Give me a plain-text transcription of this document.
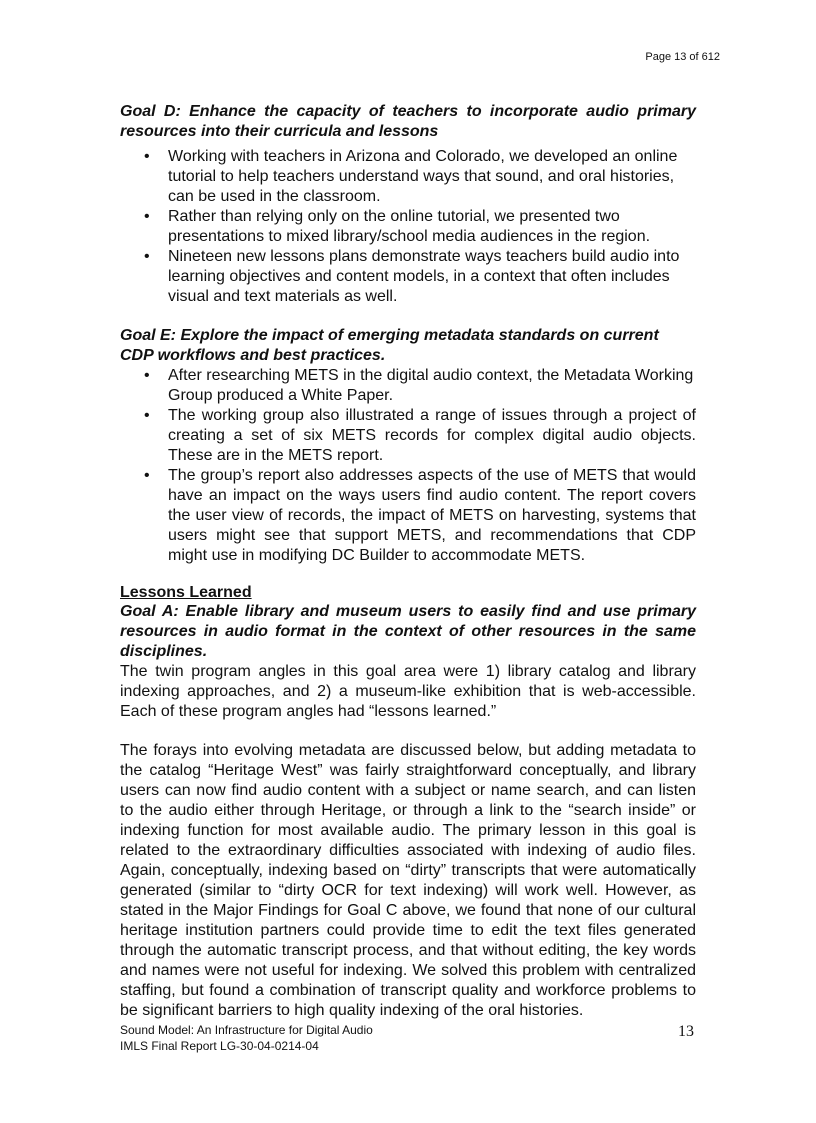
Page 13 of 612
Goal D: Enhance the capacity of teachers to incorporate audio primary
resources into their curricula and lessons
• Working with teachers in Arizona and Colorado, we developed an online
tutorial to help teachers understand ways that sound, and oral histories,
can be used in the classroom.
• Rather than relying only on the online tutorial, we presented two
presentations to mixed library/school media audiences in the region.
• Nineteen new lessons plans demonstrate ways teachers build audio into
learning objectives and content models, in a context that often includes
visual and text materials as well.
Goal E: Explore the impact of emerging metadata standards on current
CDP workflows and best practices.
• After researching METS in the digital audio context, the Metadata Working
Group produced a White Paper.
• The working group also illustrated a range of issues through a project of
creating a set of six METS records for complex digital audio objects.
These are in the METS report.
• The group’s report also addresses aspects of the use of METS that would
have an impact on the ways users find audio content. The report covers
the user view of records, the impact of METS on harvesting, systems that
users might see that support METS, and recommendations that CDP
might use in modifying DC Builder to accommodate METS.
Lessons Learned
Goal A: Enable library and museum users to easily find and use primary
resources in audio format in the context of other resources in the same
disciplines.
The twin program angles in this goal area were 1) library catalog and library
indexing approaches, and 2) a museum-like exhibition that is web-accessible.
Each of these program angles had “lessons learned.”
The forays into evolving metadata are discussed below, but adding metadata to
the catalog “Heritage West” was fairly straightforward conceptually, and library
users can now find audio content with a subject or name search, and can listen
to the audio either through Heritage, or through a link to the “search inside” or
indexing function for most available audio. The primary lesson in this goal is
related to the extraordinary difficulties associated with indexing of audio files.
Again, conceptually, indexing based on “dirty” transcripts that were automatically
generated (similar to “dirty OCR for text indexing) will work well. However, as
stated in the Major Findings for Goal C above, we found that none of our cultural
heritage institution partners could provide time to edit the text files generated
through the automatic transcript process, and that without editing, the key words
and names were not useful for indexing. We solved this problem with centralized
staffing, but found a combination of transcript quality and workforce problems to
be significant barriers to high quality indexing of the oral histories.
Sound Model: An Infrastructure for Digital Audio
IMLS Final Report LG-30-04-0214-04
13
